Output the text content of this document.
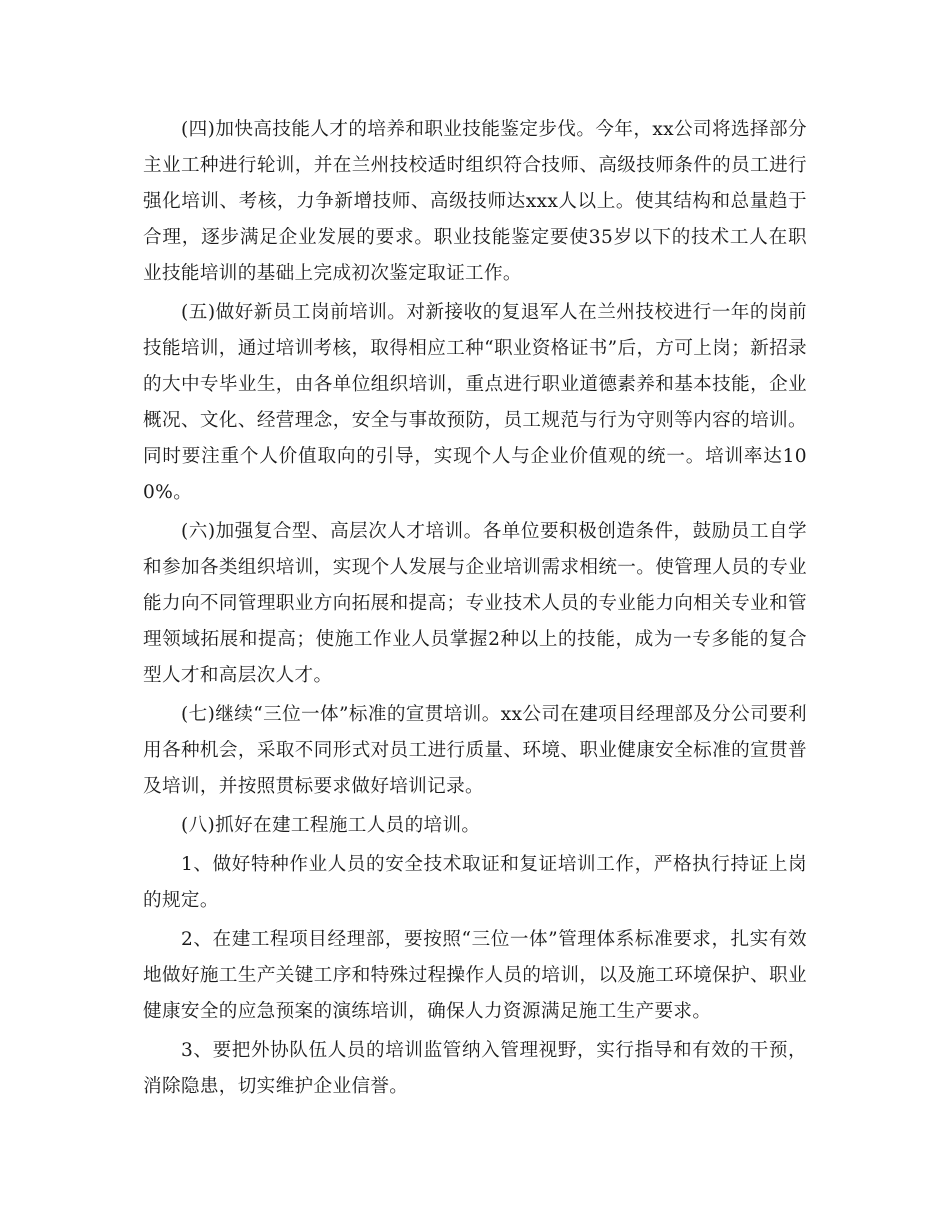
(四)加快高技能人才的培养和职业技能鉴定步伐。今年，xx公司将选择部分主业工种进行轮训，并在兰州技校适时组织符合技师、高级技师条件的员工进行强化培训、考核，力争新增技师、高级技师达xxx人以上。使其结构和总量趋于合理，逐步满足企业发展的要求。职业技能鉴定要使35岁以下的技术工人在职业技能培训的基础上完成初次鉴定取证工作。

(五)做好新员工岗前培训。对新接收的复退军人在兰州技校进行一年的岗前技能培训，通过培训考核，取得相应工种“职业资格证书”后，方可上岗；新招录的大中专毕业生，由各单位组织培训，重点进行职业道德素养和基本技能，企业概况、文化、经营理念，安全与事故预防，员工规范与行为守则等内容的培训。同时要注重个人价值取向的引导，实现个人与企业价值观的统一。培训率达100%。

(六)加强复合型、高层次人才培训。各单位要积极创造条件，鼓励员工自学和参加各类组织培训，实现个人发展与企业培训需求相统一。使管理人员的专业能力向不同管理职业方向拓展和提高；专业技术人员的专业能力向相关专业和管理领域拓展和提高；使施工作业人员掌握2种以上的技能，成为一专多能的复合型人才和高层次人才。

(七)继续“三位一体”标准的宣贯培训。xx公司在建项目经理部及分公司要利用各种机会，采取不同形式对员工进行质量、环境、职业健康安全标准的宣贯普及培训，并按照贯标要求做好培训记录。

(八)抓好在建工程施工人员的培训。

1、做好特种作业人员的安全技术取证和复证培训工作，严格执行持证上岗的规定。

2、在建工程项目经理部，要按照“三位一体”管理体系标准要求，扎实有效地做好施工生产关键工序和特殊过程操作人员的培训，以及施工环境保护、职业健康安全的应急预案的演练培训，确保人力资源满足施工生产要求。

3、要把外协队伍人员的培训监管纳入管理视野，实行指导和有效的干预，消除隐患，切实维护企业信誉。
